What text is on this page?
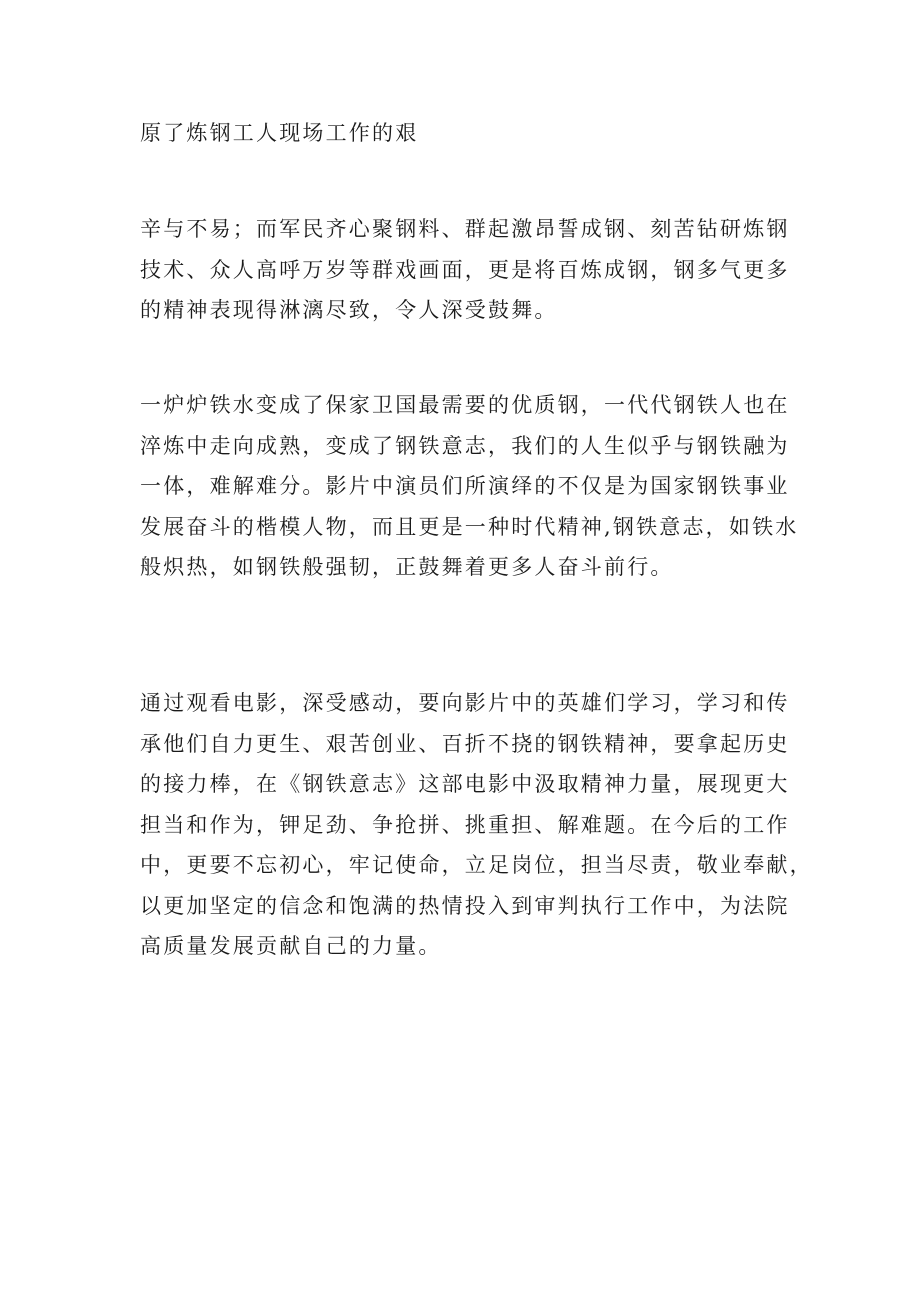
原了炼钢工人现场工作的艰
辛与不易；而军民齐心聚钢料、群起激昂誓成钢、刻苦钻研炼钢
技术、众人高呼万岁等群戏画面，更是将百炼成钢，钢多气更多
的精神表现得淋漓尽致，令人深受鼓舞。
一炉炉铁水变成了保家卫国最需要的优质钢，一代代钢铁人也在
淬炼中走向成熟，变成了钢铁意志，我们的人生似乎与钢铁融为
一体，难解难分。影片中演员们所演绎的不仅是为国家钢铁事业
发展奋斗的楷模人物，而且更是一种时代精神,钢铁意志，如铁水
般炽热，如钢铁般强韧，正鼓舞着更多人奋斗前行。
通过观看电影，深受感动，要向影片中的英雄们学习，学习和传
承他们自力更生、艰苦创业、百折不挠的钢铁精神，要拿起历史
的接力棒，在《钢铁意志》这部电影中汲取精神力量，展现更大
担当和作为，钾足劲、争抢拼、挑重担、解难题。在今后的工作
中，更要不忘初心，牢记使命，立足岗位，担当尽责，敬业奉献，
以更加坚定的信念和饱满的热情投入到审判执行工作中，为法院
高质量发展贡献自己的力量。
